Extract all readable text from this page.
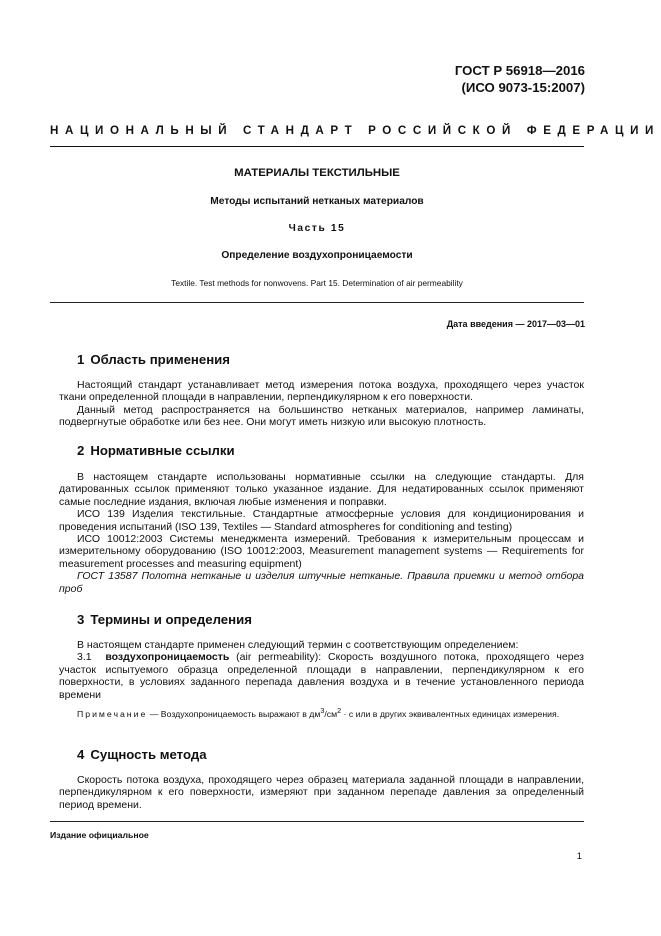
ГОСТ Р 56918—2016
(ИСО 9073-15:2007)
НАЦИОНАЛЬНЫЙ СТАНДАРТ РОССИЙСКОЙ ФЕДЕРАЦИИ
МАТЕРИАЛЫ ТЕКСТИЛЬНЫЕ
Методы испытаний нетканых материалов
Часть 15
Определение воздухопроницаемости
Textile. Test methods for nonwovens. Part 15. Determination of air permeability
Дата введения — 2017—03—01
1 Область применения

Настоящий стандарт устанавливает метод измерения потока воздуха, проходящего через участок ткани определенной площади в направлении, перпендикулярном к его поверхности.

Данный метод распространяется на большинство нетканых материалов, например ламинаты, подвергнутые обработке или без нее. Они могут иметь низкую или высокую плотность.

2 Нормативные ссылки

В настоящем стандарте использованы нормативные ссылки на следующие стандарты. Для датированных ссылок применяют только указанное издание. Для недатированных ссылок применяют самые последние издания, включая любые изменения и поправки.

ИСО 139 Изделия текстильные. Стандартные атмосферные условия для кондиционирования и проведения испытаний (ISO 139, Textiles — Standard atmospheres for conditioning and testing)

ИСО 10012:2003 Системы менеджмента измерений. Требования к измерительным процессам и измерительному оборудованию (ISO 10012:2003, Measurement management systems — Requirements for measurement processes and measuring equipment)

ГОСТ 13587 Полотна нетканые и изделия штучные нетканые. Правила приемки и метод отбора проб

3 Термины и определения

В настоящем стандарте применен следующий термин с соответствующим определением:

3.1 воздухопроницаемость (air permeability): Скорость воздушного потока, проходящего через участок испытуемого образца определенной площади в направлении, перпендикулярном к его поверхности, в условиях заданного перепада давления воздуха и в течение установленного периода времени

Примечание — Воздухопроницаемость выражают в $дм^3/см^2 \cdot с$ или в других эквивалентных единицах измерения.

4 Сущность метода

Скорость потока воздуха, проходящего через образец материала заданной площади в направлении, перпендикулярном к его поверхности, измеряют при заданном перепаде давления за определенный период времени.

Издание официальное
1
